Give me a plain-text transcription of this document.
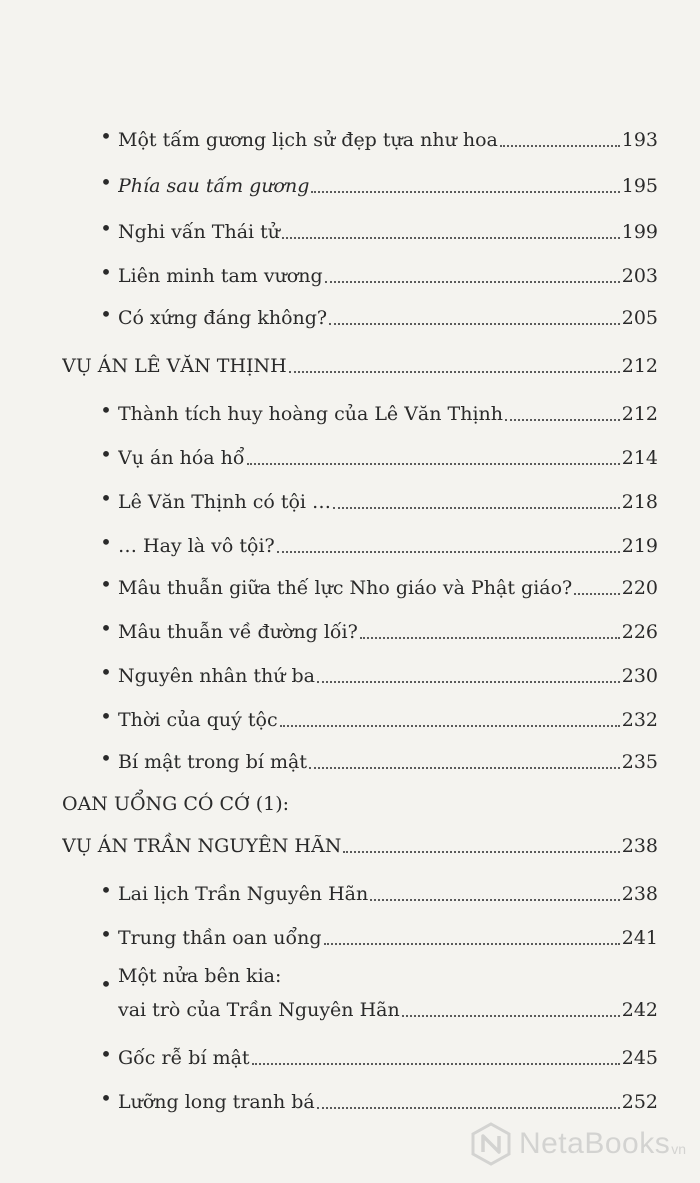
• Một tấm gương lịch sử đẹp tựa như hoa	193
• Phía sau tấm gương	195
• Nghi vấn Thái tử	199
• Liên minh tam vương	203
• Có xứng đáng không?	205
VỤ ÁN LÊ VĂN THỊNH	212
• Thành tích huy hoàng của Lê Văn Thịnh	212
• Vụ án hóa hổ	214
• Lê Văn Thịnh có tội …	218
• … Hay là vô tội?	219
• Mâu thuẫn giữa thế lực Nho giáo và Phật giáo?	220
• Mâu thuẫn về đường lối?	226
• Nguyên nhân thứ ba	230
• Thời của quý tộc	232
• Bí mật trong bí mật	235
OAN UỔNG CÓ CỚ (1):
VỤ ÁN TRẦN NGUYÊN HÃN	238
• Lai lịch Trần Nguyên Hãn	238
• Trung thần oan uổng	241
Một nửa bên kia:
•
vai trò của Trần Nguyên Hãn	242
• Gốc rễ bí mật	245
• Lưỡng long tranh bá	252
NetaBooks vn
